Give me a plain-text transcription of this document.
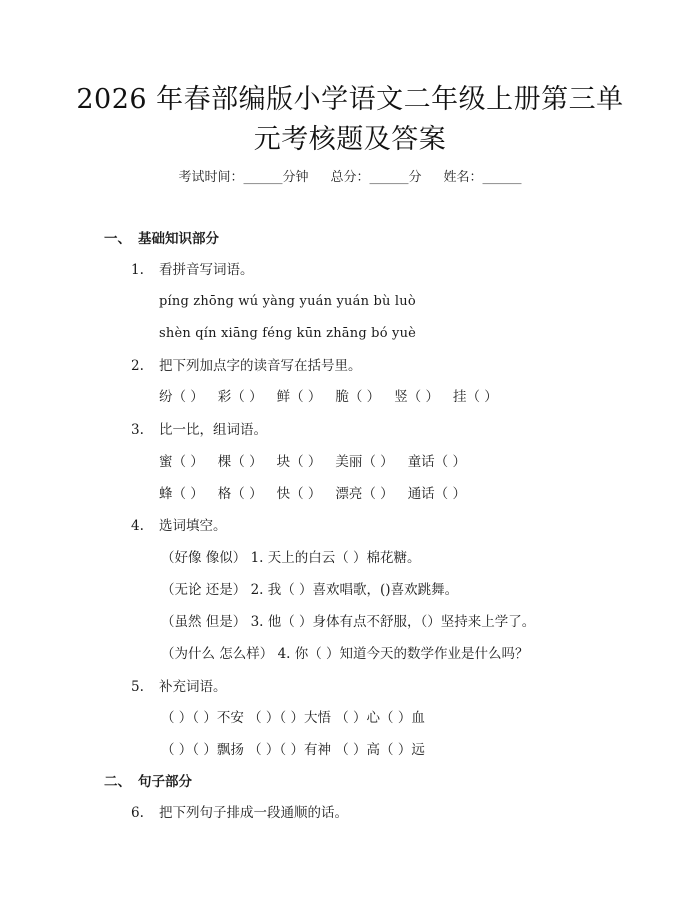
2026 年春部编版小学语文二年级上册第三单
元考核题及答案
考试时间：______分钟 总分：______分 姓名：______
一、 基础知识部分
1. 看拼音写词语。
píng zhōng wú yàng yuán yuán bù luò
shèn qín xiāng féng kūn zhāng bó yuè
2. 把下列加点字的读音写在括号里。
纷（ ） 彩（ ） 鲜（ ） 脆（ ） 竖（ ） 挂（ ）
3. 比一比，组词语。
蜜（ ） 棵（ ） 块（ ） 美丽（ ） 童话（ ）
蜂（ ） 格（ ） 快（ ） 漂亮（ ） 通话（ ）
4. 选词填空。
（好像 像似） 1. 天上的白云（ ）棉花糖。
（无论 还是） 2. 我（ ）喜欢唱歌，()喜欢跳舞。
（虽然 但是） 3. 他（ ）身体有点不舒服，（）坚持来上学了。
（为什么 怎么样） 4. 你（ ）知道今天的数学作业是什么吗？
5. 补充词语。
（ ）（ ）不安 （ ）（ ）大悟 （ ）心（ ）血
（ ）（ ）飘扬 （ ）（ ）有神 （ ）高（ ）远
二、 句子部分
6. 把下列句子排成一段通顺的话。
